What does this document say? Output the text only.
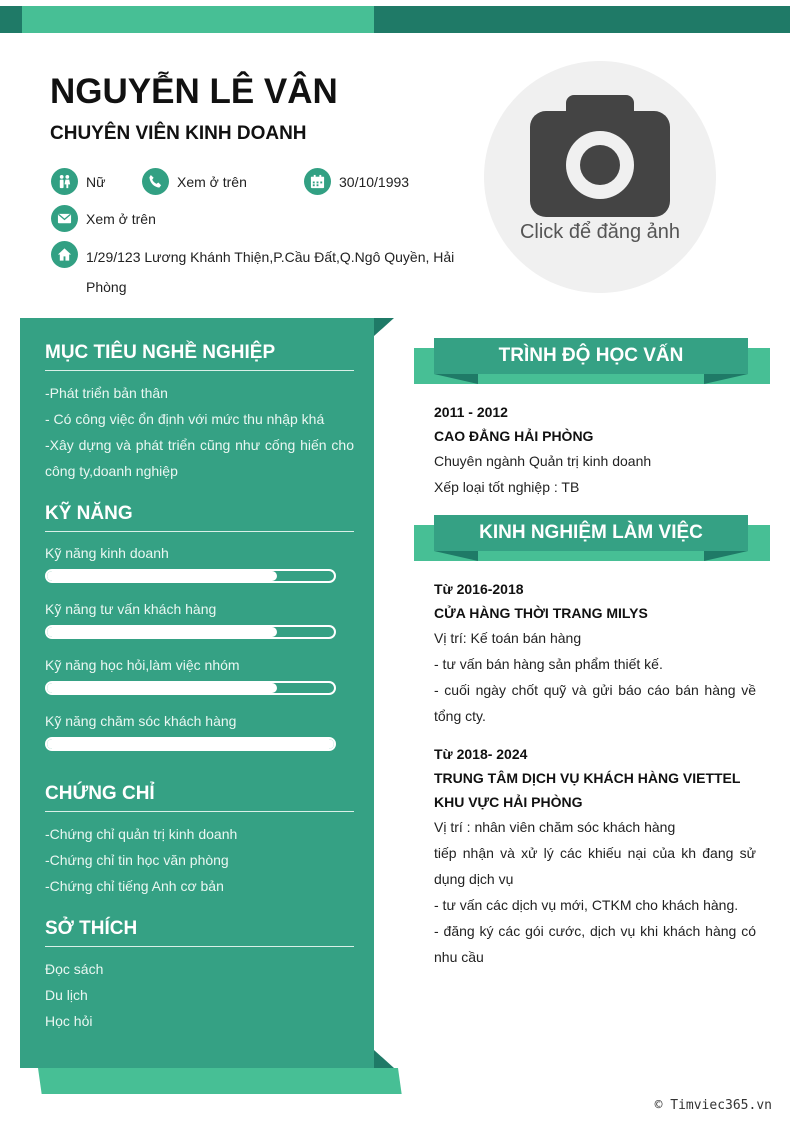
NGUYỄN LÊ VÂN
CHUYÊN VIÊN KINH DOANH
Nữ	Xem ở trên	30/10/1993
Xem ở trên
1/29/123 Lương Khánh Thiện,P.Cầu Đất,Q.Ngô Quyền, Hải Phòng
Click để đăng ảnh
MỤC TIÊU NGHỀ NGHIỆP
-Phát triển bản thân
- Có công việc ổn định với mức thu nhập khá
-Xây dựng và phát triển cũng như cống hiến cho công ty,doanh nghiệp
KỸ NĂNG
Kỹ năng kinh doanh
Kỹ năng tư vấn khách hàng
Kỹ năng học hỏi,làm việc nhóm
Kỹ năng chăm sóc khách hàng
CHỨNG CHỈ
-Chứng chỉ quản trị kinh doanh
-Chứng chỉ tin học văn phòng
-Chứng chỉ tiếng Anh cơ bản
SỞ THÍCH
Đọc sách
Du lịch
Học hỏi
TRÌNH ĐỘ HỌC VẤN
2011 - 2012
CAO ĐẲNG HẢI PHÒNG
Chuyên ngành Quản trị kinh doanh
Xếp loại tốt nghiệp : TB
KINH NGHIỆM LÀM VIỆC
Từ 2016-2018
CỬA HÀNG THỜI TRANG MILYS
Vị trí: Kế toán bán hàng
- tư vấn bán hàng sản phẩm thiết kế.
- cuối ngày chốt quỹ và gửi báo cáo bán hàng về tổng cty.
Từ 2018- 2024
TRUNG TÂM DỊCH VỤ KHÁCH HÀNG VIETTEL KHU VỰC HẢI PHÒNG
Vị trí : nhân viên chăm sóc khách hàng
tiếp nhận và xử lý các khiếu nại của kh đang sử dụng dịch vụ
- tư vấn các dịch vụ mới, CTKM cho khách hàng.
- đăng ký các gói cước, dịch vụ khi khách hàng có nhu cầu
© Timviec365.vn
